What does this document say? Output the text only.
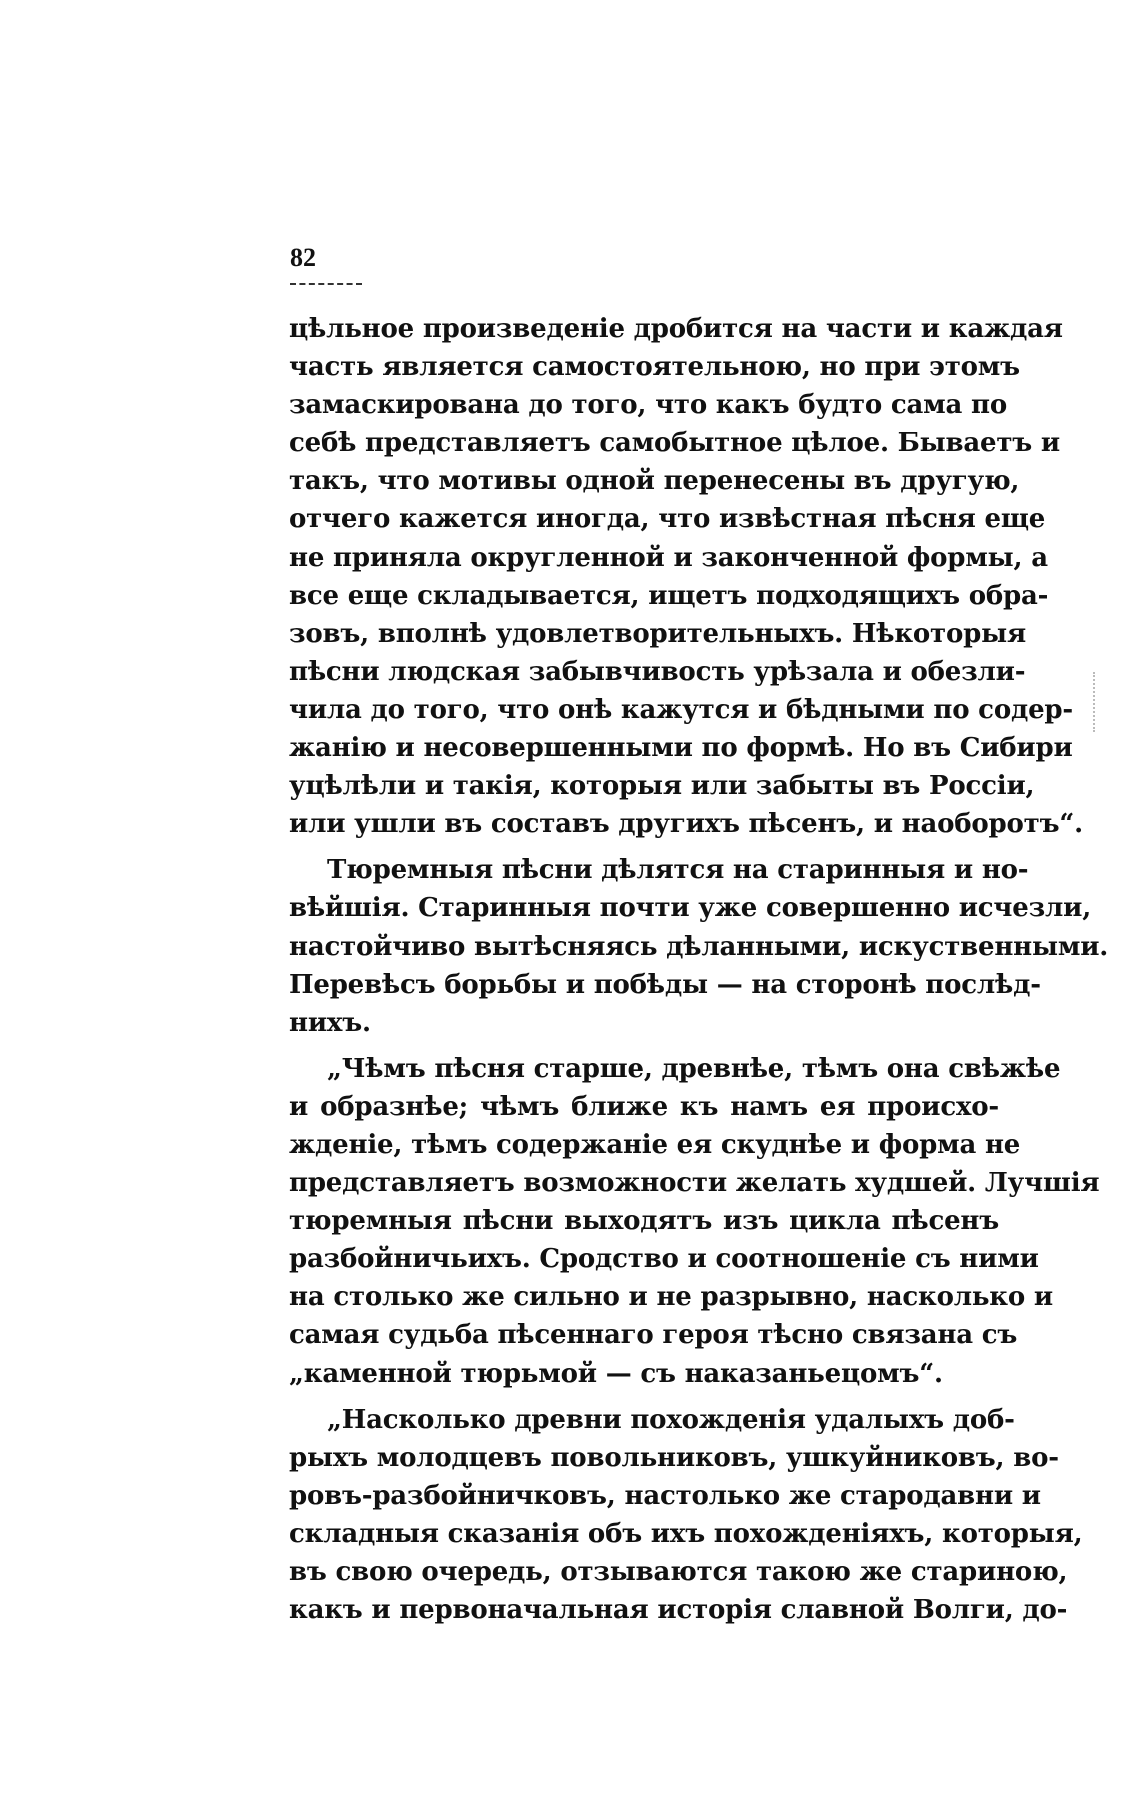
82
цѣльное произведеніе дробится на части и каждая
часть является самостоятельною, но при этомъ
замаскирована до того, что какъ будто сама по
себѣ представляетъ самобытное цѣлое. Бываетъ и
такъ, что мотивы одной перенесены въ другую,
отчего кажется иногда, что извѣстная пѣсня еще
не приняла округленной и законченной формы, а
все еще складывается, ищетъ подходящихъ обра-
зовъ, вполнѣ удовлетворительныхъ. Нѣкоторыя
пѣсни людская забывчивость урѣзала и обезли-
чила до того, что онѣ кажутся и бѣдными по содер-
жанію и несовершенными по формѣ. Но въ Сибири
уцѣлѣли и такія, которыя или забыты въ Россіи,
или ушли въ составъ другихъ пѣсенъ, и наоборотъ“.
Тюремныя пѣсни дѣлятся на старинныя и но-
вѣйшія. Старинныя почти уже совершенно исчезли,
настойчиво вытѣсняясь дѣланными, искуственными.
Перевѣсъ борьбы и побѣды — на сторонѣ послѣд-
нихъ.
„Чѣмъ пѣсня старше, древнѣе, тѣмъ она свѣжѣе
и образнѣе; чѣмъ ближе къ намъ ея происхо-
жденіе, тѣмъ содержаніе ея скуднѣе и форма не
представляетъ возможности желать худшей. Лучшія
тюремныя пѣсни выходятъ изъ цикла пѣсенъ
разбойничьихъ. Сродство и соотношеніе съ ними
на столько же сильно и не разрывно, насколько и
самая судьба пѣсеннаго героя тѣсно связана съ
„каменной тюрьмой — съ наказаньецомъ“.
„Насколько древни похожденія удалыхъ доб-
рыхъ молодцевъ повольниковъ, ушкуйниковъ, во-
ровъ-разбойничковъ, настолько же стародавни и
складныя сказанія объ ихъ похожденіяхъ, которыя,
въ свою очередь, отзываются такою же стариною,
какъ и первоначальная исторія славной Волги, до-
